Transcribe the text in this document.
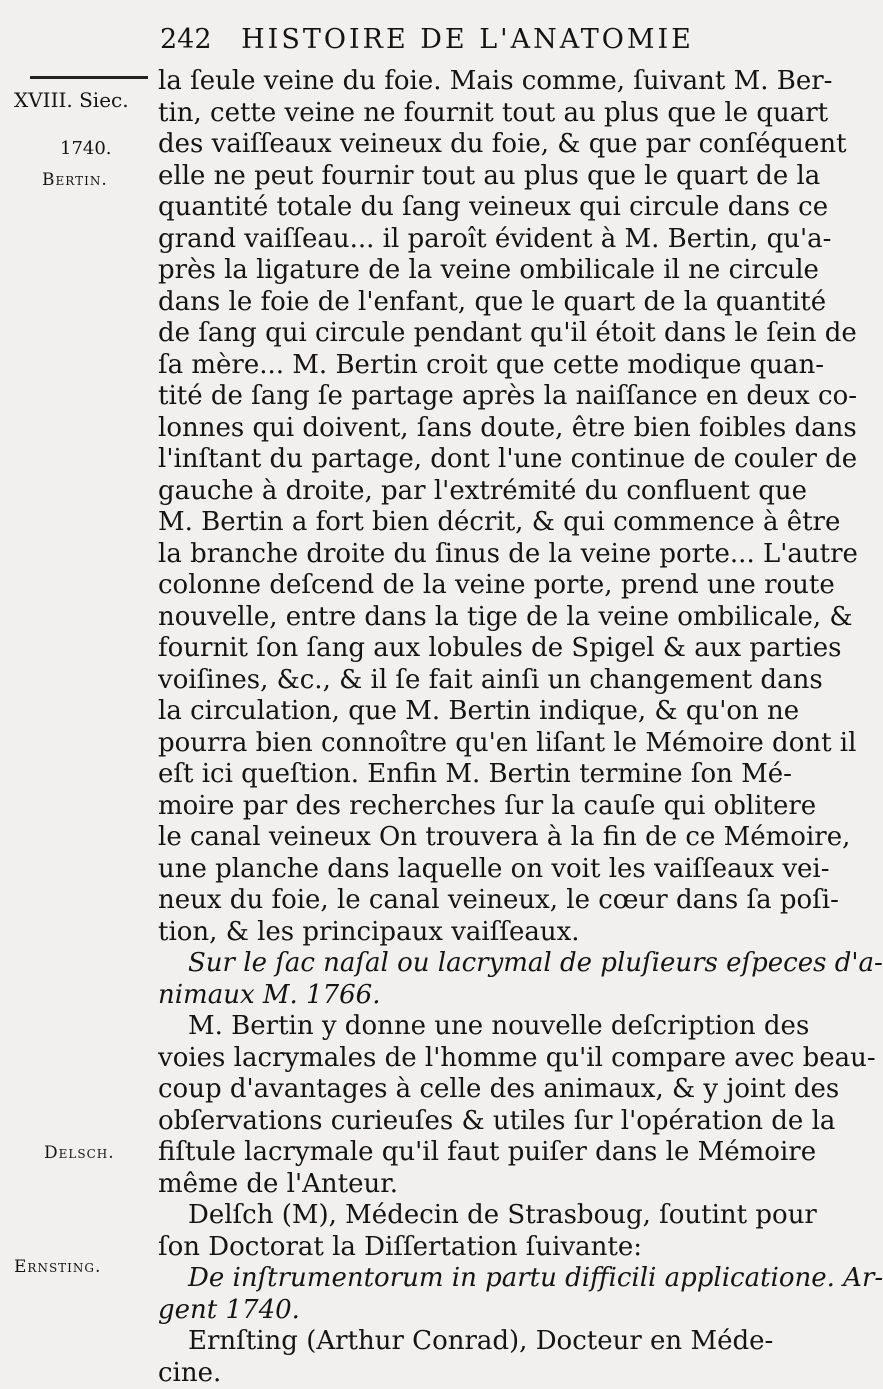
242 HISTOIRE DE L'ANATOMIE
XVIII. Siec.
1740.
Bertin.
Delsch.
Ernsting.
la ſeule veine du foie. Mais comme, ſuivant M. Ber-
tin, cette veine ne fournit tout au plus que le quart
des vaiſſeaux veineux du foie, & que par conſéquent
elle ne peut fournir tout au plus que le quart de la
quantité totale du ſang veineux qui circule dans ce
grand vaiſſeau... il paroît évident à M. Bertin, qu'a-
près la ligature de la veine ombilicale il ne circule
dans le foie de l'enfant, que le quart de la quantité
de ſang qui circule pendant qu'il étoit dans le ſein de
ſa mère... M. Bertin croit que cette modique quan-
tité de ſang ſe partage après la naiſſance en deux co-
lonnes qui doivent, ſans doute, être bien foibles dans
l'inſtant du partage, dont l'une continue de couler de
gauche à droite, par l'extrémité du confluent que
M. Bertin a fort bien décrit, & qui commence à être
la branche droite du ſinus de la veine porte... L'autre
colonne deſcend de la veine porte, prend une route
nouvelle, entre dans la tige de la veine ombilicale, &
fournit ſon ſang aux lobules de Spigel & aux parties
voiſines, &c., & il ſe fait ainſi un changement dans
la circulation, que M. Bertin indique, & qu'on ne
pourra bien connoître qu'en liſant le Mémoire dont il
eſt ici queſtion. Enfin M. Bertin termine ſon Mé-
moire par des recherches ſur la cauſe qui oblitere
le canal veineux On trouvera à la fin de ce Mémoire,
une planche dans laquelle on voit les vaiſſeaux vei-
neux du foie, le canal veineux, le cœur dans ſa poſi-
tion, & les principaux vaiſſeaux.
Sur le ſac naſal ou lacrymal de pluſieurs eſpeces d'a-
nimaux M. 1766.
M. Bertin y donne une nouvelle deſcription des
voies lacrymales de l'homme qu'il compare avec beau-
coup d'avantages à celle des animaux, & y joint des
obſervations curieuſes & utiles ſur l'opération de la
fiſtule lacrymale qu'il faut puiſer dans le Mémoire
même de l'Anteur.
Delſch (M), Médecin de Strasboug, ſoutint pour
ſon Doctorat la Diſſertation ſuivante:
De inſtrumentorum in partu difficili applicatione. Ar-
gent 1740.
Ernſting (Arthur Conrad), Docteur en Méde-
cine.
